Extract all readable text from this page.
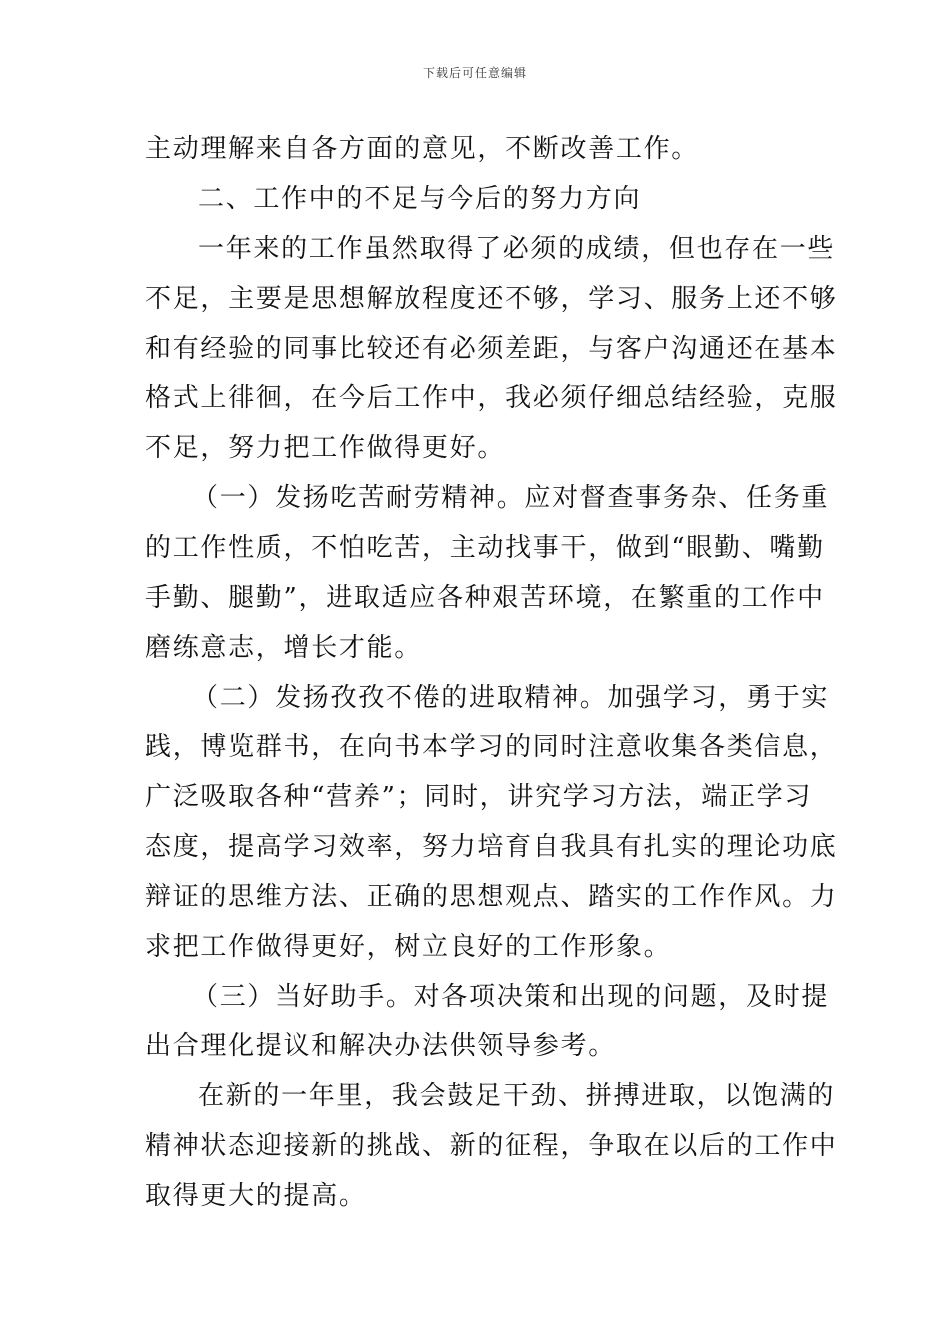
下载后可任意编辑
主动理解来自各方面的意见，不断改善工作。
二、工作中的不足与今后的努力方向
一年来的工作虽然取得了必须的成绩，但也存在一些
不足，主要是思想解放程度还不够，学习、服务上还不够
和有经验的同事比较还有必须差距，与客户沟通还在基本
格式上徘徊，在今后工作中，我必须仔细总结经验，克服
不足，努力把工作做得更好。
（一）发扬吃苦耐劳精神。应对督查事务杂、任务重
的工作性质，不怕吃苦，主动找事干，做到“眼勤、嘴勤
手勤、腿勤”，进取适应各种艰苦环境，在繁重的工作中
磨练意志，增长才能。
（二）发扬孜孜不倦的进取精神。加强学习，勇于实
践，博览群书，在向书本学习的同时注意收集各类信息，
广泛吸取各种“营养”；同时，讲究学习方法，端正学习
态度，提高学习效率，努力培育自我具有扎实的理论功底
辩证的思维方法、正确的思想观点、踏实的工作作风。力
求把工作做得更好，树立良好的工作形象。
（三）当好助手。对各项决策和出现的问题，及时提
出合理化提议和解决办法供领导参考。
在新的一年里，我会鼓足干劲、拼搏进取，以饱满的
精神状态迎接新的挑战、新的征程，争取在以后的工作中
取得更大的提高。
